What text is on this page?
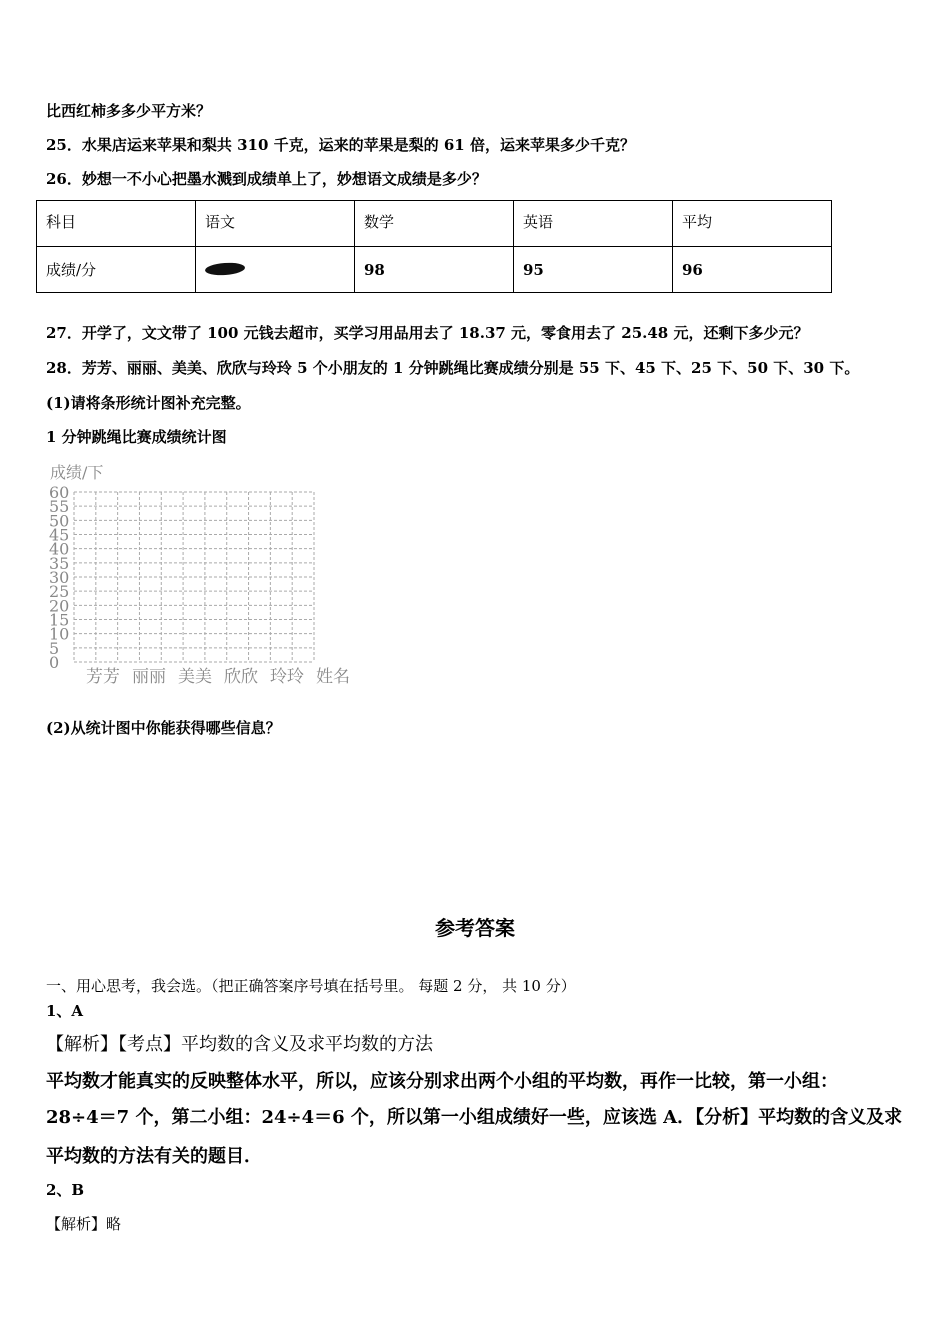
比西红柿多多少平方米？
25．水果店运来苹果和梨共 310 千克，运来的苹果是梨的 61 倍，运来苹果多少千克？
26．妙想一不小心把墨水溅到成绩单上了，妙想语文成绩是多少？
科目	语文	数学	英语	平均
成绩/分		98	95	96
27．开学了，文文带了 100 元钱去超市，买学习用品用去了 18.37 元，零食用去了 25.48 元，还剩下多少元？
28．芳芳、丽丽、美美、欣欣与玲玲 5 个小朋友的 1 分钟跳绳比赛成绩分别是 55 下、45 下、25 下、50 下、30 下。
(1)请将条形统计图补充完整。
1 分钟跳绳比赛成绩统计图
成绩/下
0
5
10
15
20
25
30
35
40
45
50
55
60
芳芳 丽丽 美美 欣欣 玲玲 姓名
(2)从统计图中你能获得哪些信息？
参考答案
一、用心思考，我会选。（把正确答案序号填在括号里。 每题 2 分， 共 10 分）
1、A
【解析】【考点】平均数的含义及求平均数的方法
平均数才能真实的反映整体水平，所以，应该分别求出两个小组的平均数，再作一比较，第一小组：
28÷4＝7 个，第二小组：24÷4＝6 个，所以第一小组成绩好一些，应该选 A．【分析】平均数的含义及求
平均数的方法有关的题目．
2、B
【解析】略
